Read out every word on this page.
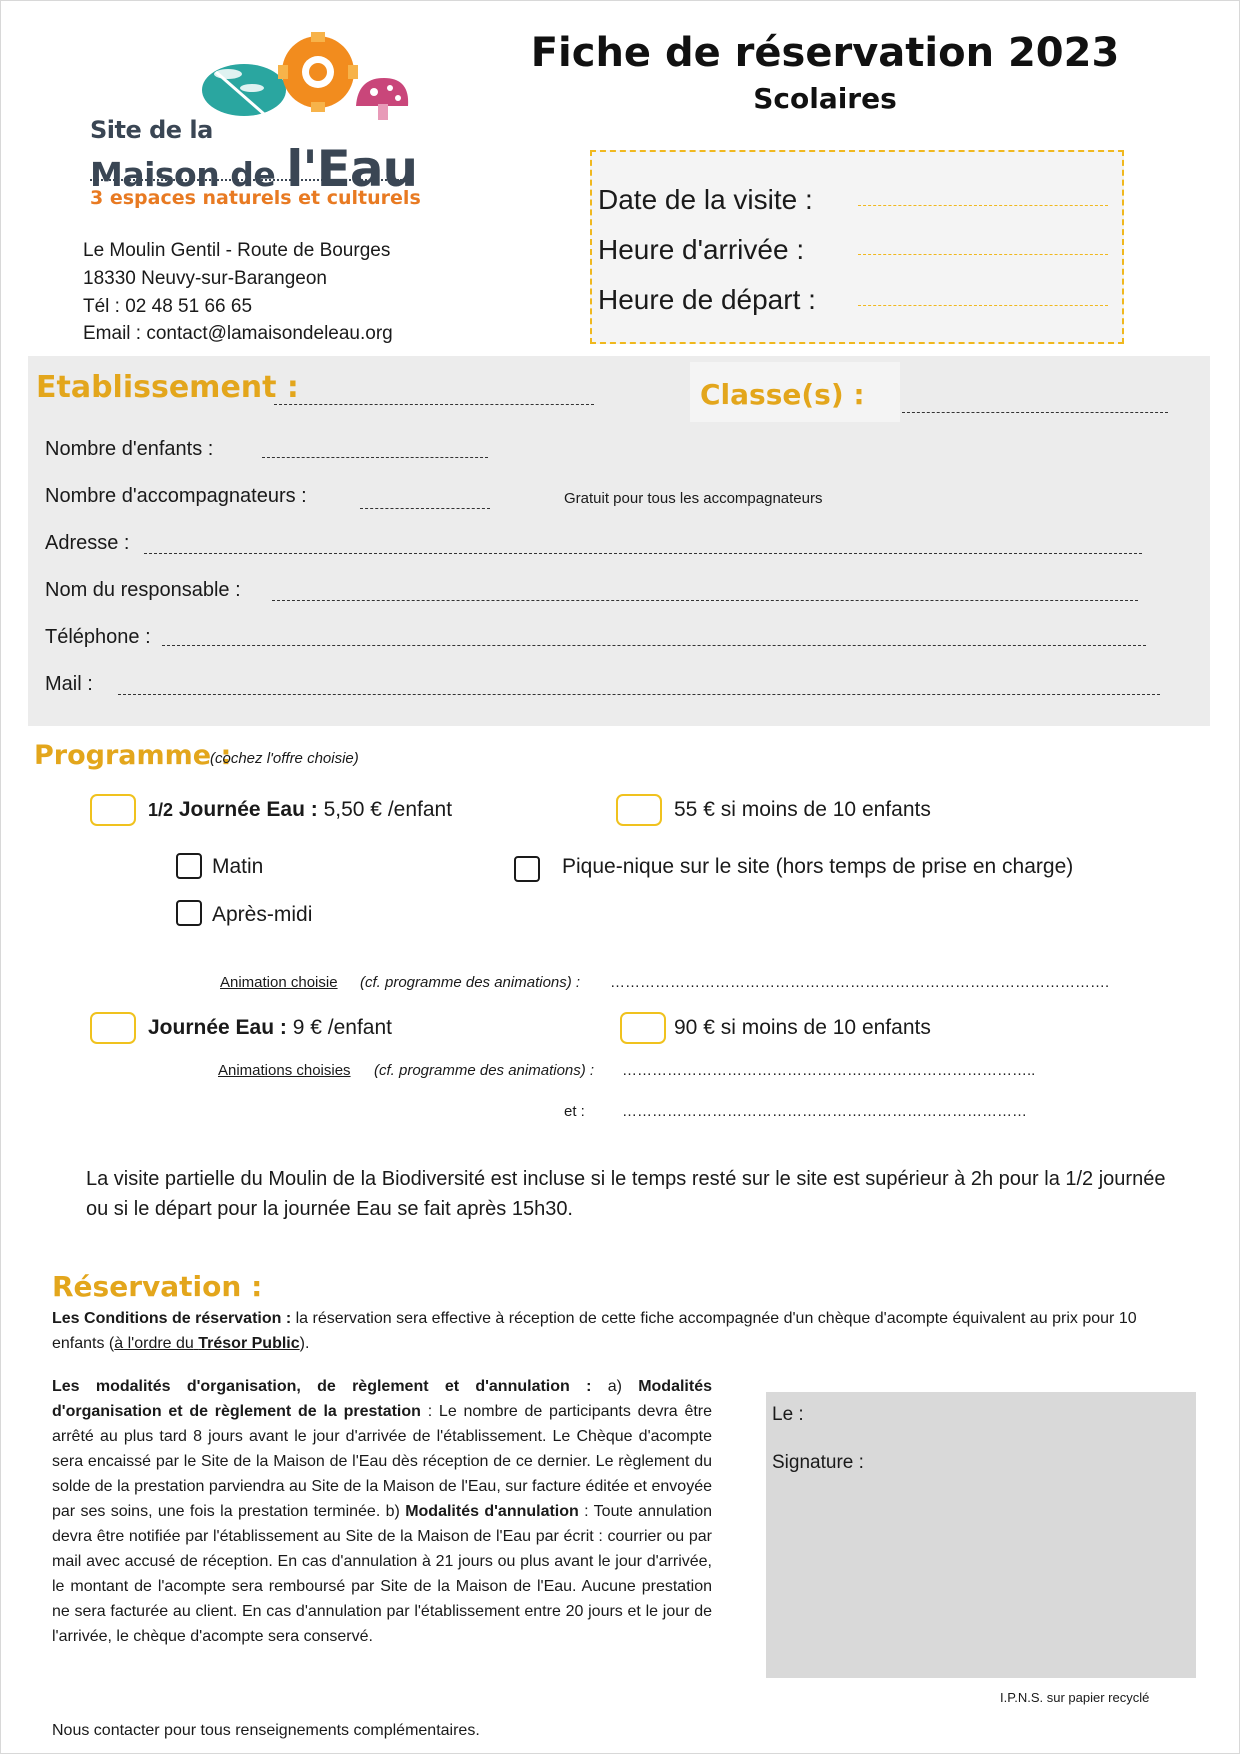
Site de la
Maison de l'Eau
3 espaces naturels et culturels
Le Moulin Gentil - Route de Bourges
18330 Neuvy-sur-Barangeon
Tél : 02 48 51 66 65
Email : contact@lamaisondeleau.org
Fiche de réservation 2023
Scolaires
Date de la visite :
Heure d'arrivée :
Heure de départ :
Etablissement :	Classe(s) :
Nombre d'enfants :
Nombre d'accompagnateurs :	Gratuit pour tous les accompagnateurs
Adresse :
Nom du responsable :
Téléphone :
Mail :
Programme :
(cochez l'offre choisie)
1/2 Journée Eau : 5,50 € /enfant	55 € si moins de 10 enfants
Matin	Pique-nique sur le site (hors temps de prise en charge)
Après-midi
Animation choisie (cf. programme des animations) : ……………………………………………………………………………………….
Journée Eau : 9 € /enfant	90 € si moins de 10 enfants
Animations choisies (cf. programme des animations) : ………………………………………………………………………..
et : ………………………………………………………………………
La visite partielle du Moulin de la Biodiversité est incluse si le temps resté sur le site est supérieur à 2h pour la 1/2 journée ou si le départ pour la journée Eau se fait après 15h30.
Réservation :
Les Conditions de réservation : la réservation sera effective à réception de cette fiche accompagnée d'un chèque d'acompte équivalent au prix pour 10 enfants (à l'ordre du Trésor Public).
Les modalités d'organisation, de règlement et d'annulation : a) Modalités d'organisation et de règlement de la prestation : Le nombre de participants devra être arrêté au plus tard 8 jours avant le jour d'arrivée de l'établissement. Le Chèque d'acompte sera encaissé par le Site de la Maison de l'Eau dès réception de ce dernier. Le règlement du solde de la prestation parviendra au Site de la Maison de l'Eau, sur facture éditée et envoyée par ses soins, une fois la prestation terminée. b) Modalités d'annulation : Toute annulation devra être notifiée par l'établissement au Site de la Maison de l'Eau par écrit : courrier ou par mail avec accusé de réception. En cas d'annulation à 21 jours ou plus avant le jour d'arrivée, le montant de l'acompte sera remboursé par Site de la Maison de l'Eau. Aucune prestation ne sera facturée au client. En cas d'annulation par l'établissement entre 20 jours et le jour de l'arrivée, le chèque d'acompte sera conservé.
Nous contacter pour tous renseignements complémentaires.
Le :
Signature :
I.P.N.S. sur papier recyclé
